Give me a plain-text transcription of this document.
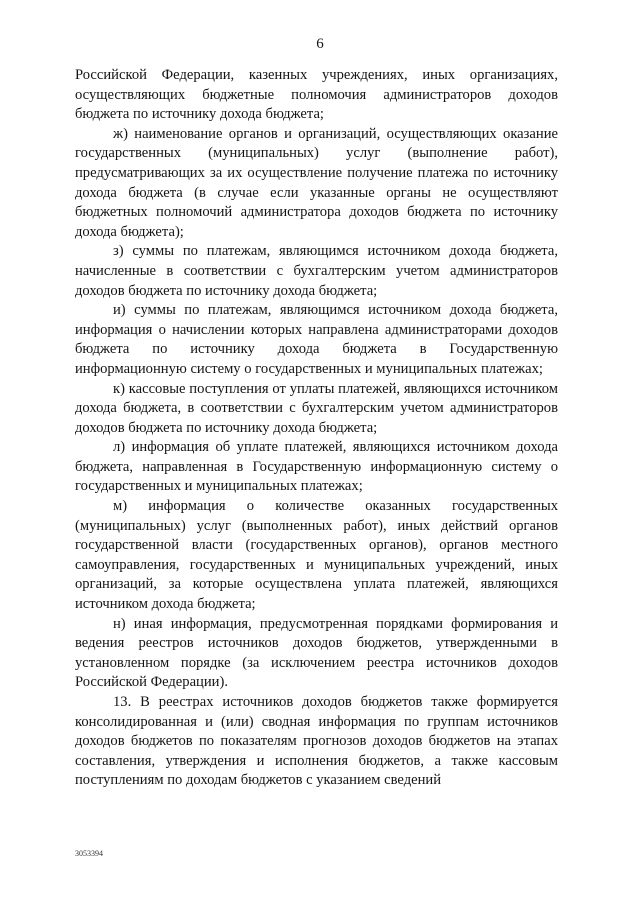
6

Российской Федерации, казенных учреждениях, иных организациях, осуществляющих бюджетные полномочия администраторов доходов бюджета по источнику дохода бюджета;

ж) наименование органов и организаций, осуществляющих оказание государственных (муниципальных) услуг (выполнение работ), предусматривающих за их осуществление получение платежа по источнику дохода бюджета (в случае если указанные органы не осуществляют бюджетных полномочий администратора доходов бюджета по источнику дохода бюджета);

з) суммы по платежам, являющимся источником дохода бюджета, начисленные в соответствии с бухгалтерским учетом администраторов доходов бюджета по источнику дохода бюджета;

и) суммы по платежам, являющимся источником дохода бюджета, информация о начислении которых направлена администраторами доходов бюджета по источнику дохода бюджета в Государственную информационную систему о государственных и муниципальных платежах;

к) кассовые поступления от уплаты платежей, являющихся источником дохода бюджета, в соответствии с бухгалтерским учетом администраторов доходов бюджета по источнику дохода бюджета;

л) информация об уплате платежей, являющихся источником дохода бюджета, направленная в Государственную информационную систему о государственных и муниципальных платежах;

м) информация о количестве оказанных государственных (муниципальных) услуг (выполненных работ), иных действий органов государственной власти (государственных органов), органов местного самоуправления, государственных и муниципальных учреждений, иных организаций, за которые осуществлена уплата платежей, являющихся источником дохода бюджета;

н) иная информация, предусмотренная порядками формирования и ведения реестров источников доходов бюджетов, утвержденными в установленном порядке (за исключением реестра источников доходов Российской Федерации).

13. В реестрах источников доходов бюджетов также формируется консолидированная и (или) сводная информация по группам источников доходов бюджетов по показателям прогнозов доходов бюджетов на этапах составления, утверждения и исполнения бюджетов, а также кассовым поступлениям по доходам бюджетов с указанием сведений

3053394
